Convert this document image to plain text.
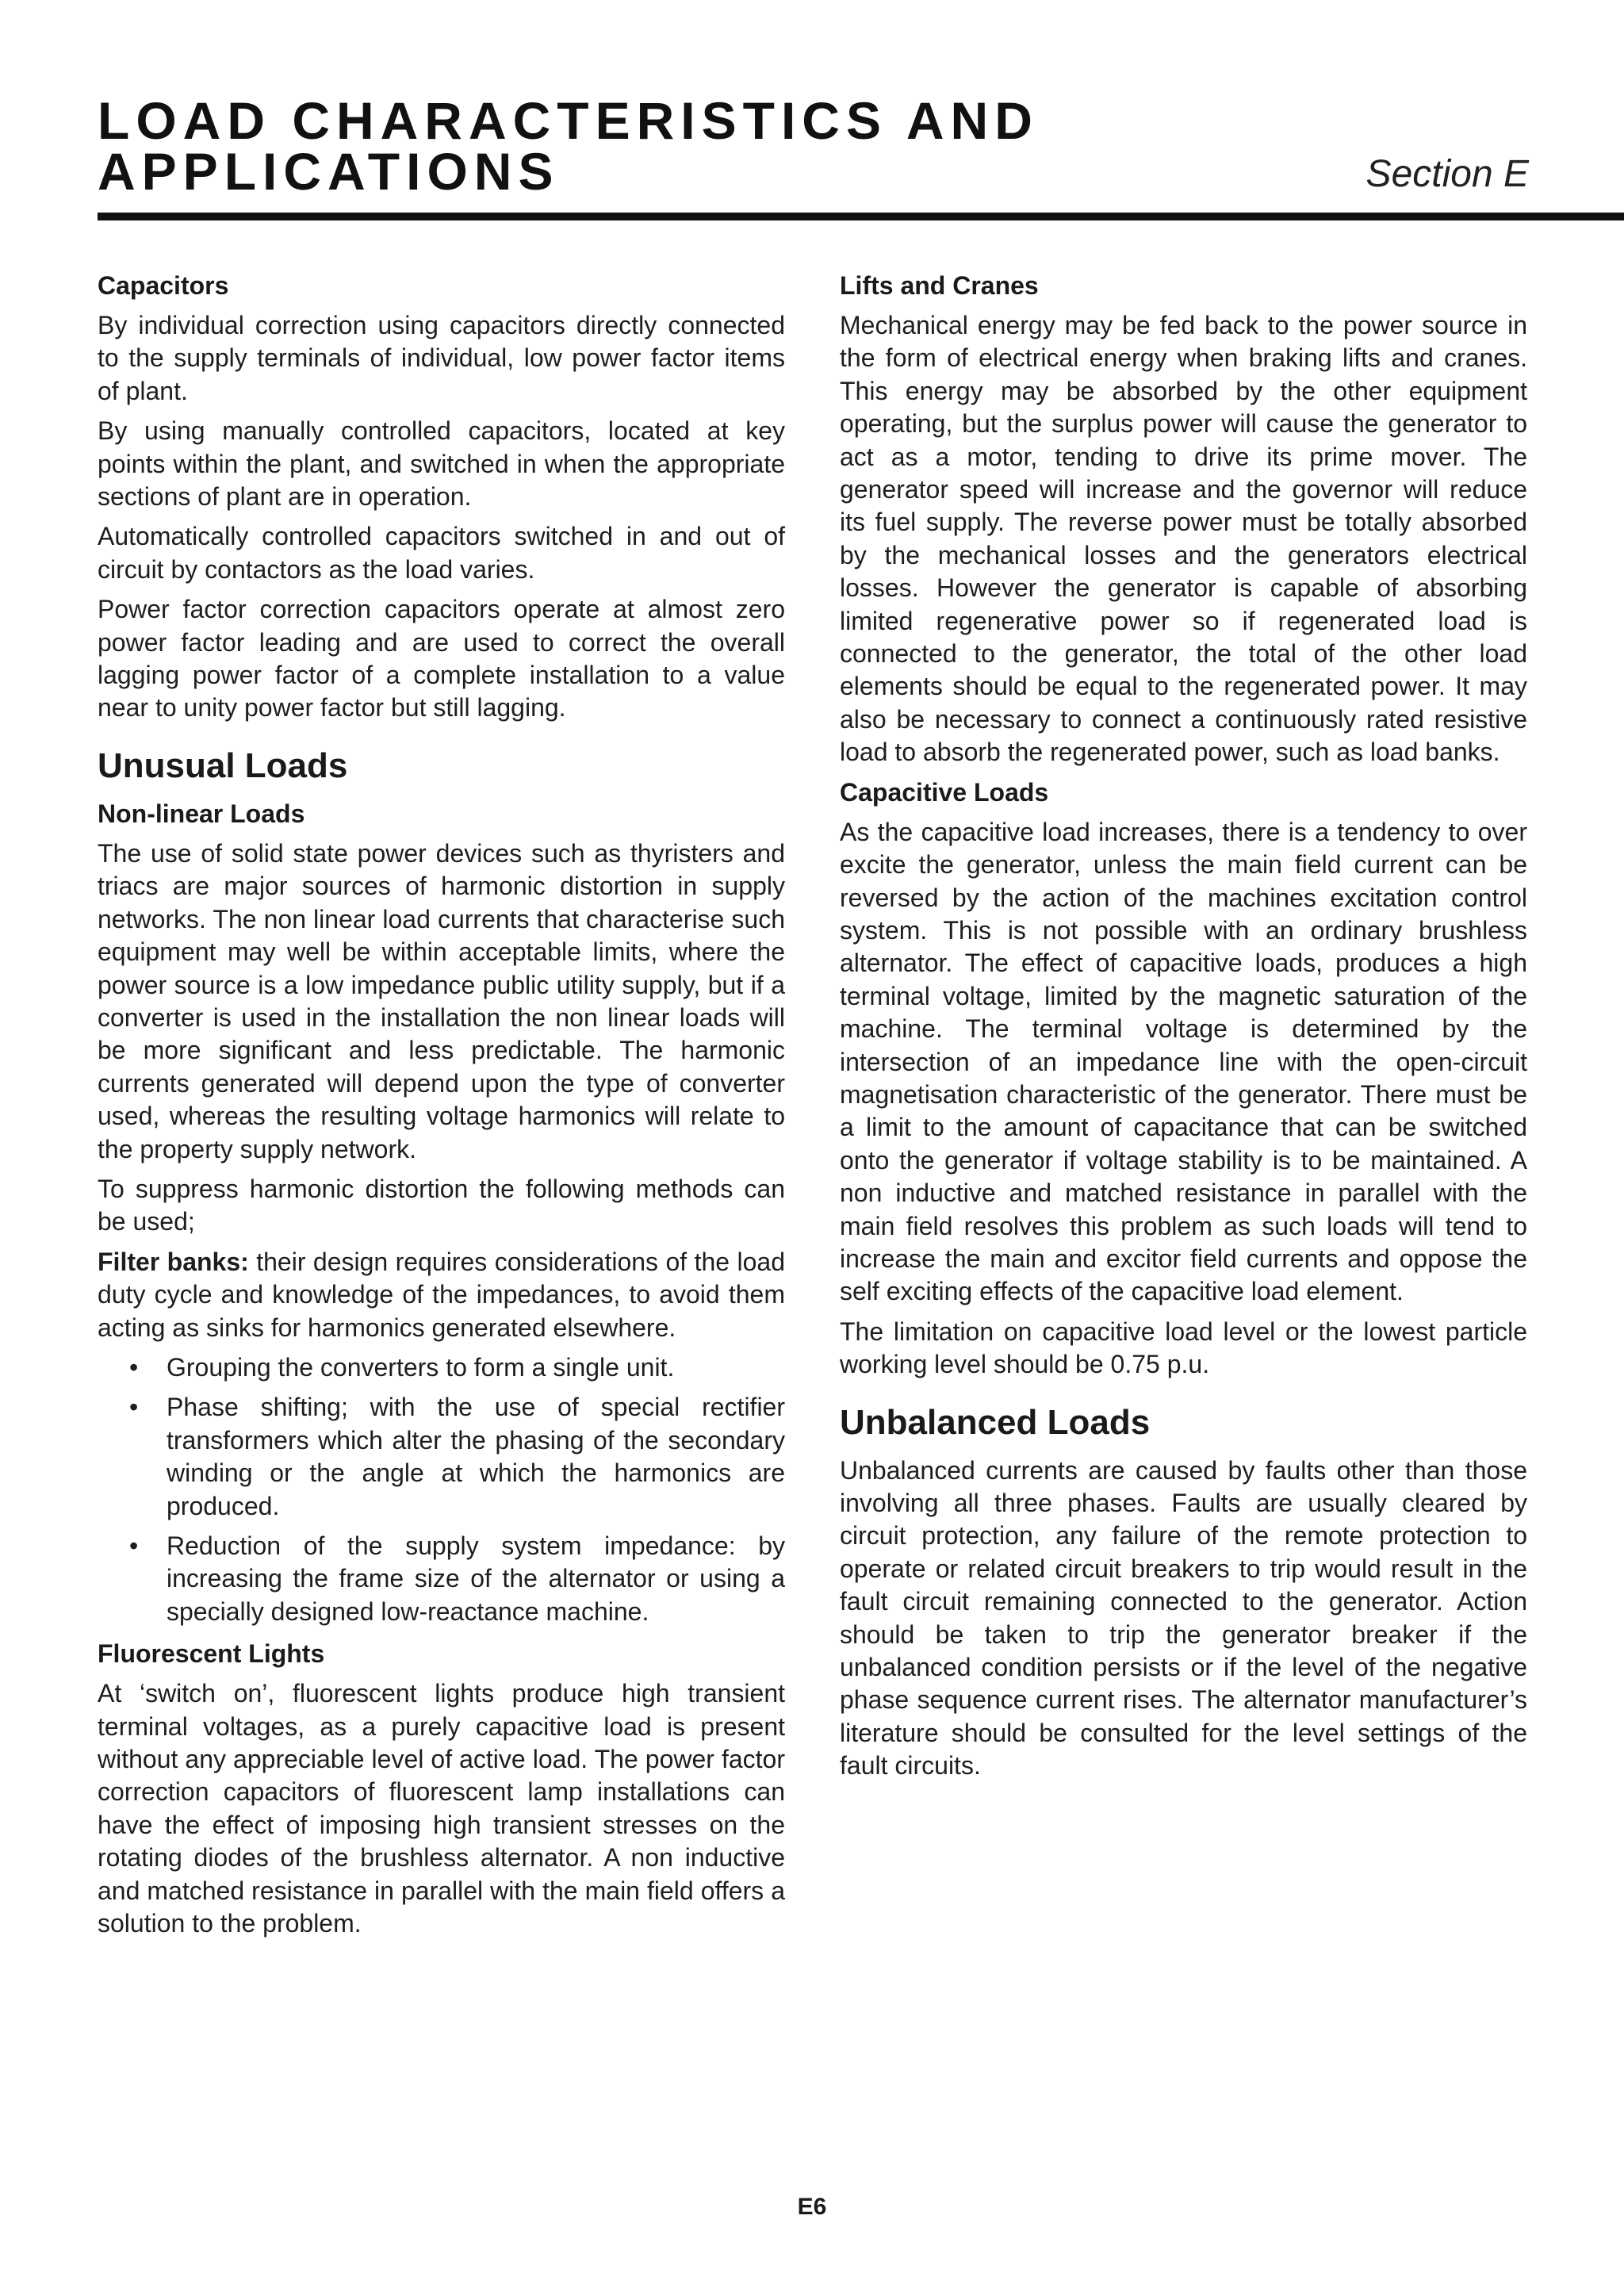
LOAD CHARACTERISTICS AND
APPLICATIONS	Section E
Capacitors

By individual correction using capacitors directly connected to the supply terminals of individual, low power factor items of plant.

By using manually controlled capacitors, located at key points within the plant, and switched in when the appropriate sections of plant are in operation.

Automatically controlled capacitors switched in and out of circuit by contactors as the load varies.

Power factor correction capacitors operate at almost zero power factor leading and are used to correct the overall lagging power factor of a complete installation to a value near to unity power factor but still lagging.

Unusual Loads
Non-linear Loads

The use of solid state power devices such as thyristers and triacs are major sources of harmonic distortion in supply networks. The non linear load currents that characterise such equipment may well be within acceptable limits, where the power source is a low impedance public utility supply, but if a converter is used in the installation the non linear loads will be more significant and less predictable. The harmonic currents generated will depend upon the type of converter used, whereas the resulting voltage harmonics will relate to the property supply network.

To suppress harmonic distortion the following methods can be used;

Filter banks: their design requires considerations of the load duty cycle and knowledge of the impedances, to avoid them acting as sinks for harmonics generated elsewhere.

• Grouping the converters to form a single unit.
• Phase shifting; with the use of special rectifier transformers which alter the phasing of the secondary winding or the angle at which the harmonics are produced.
• Reduction of the supply system impedance: by increasing the frame size of the alternator or using a specially designed low-reactance machine.
Fluorescent Lights

At ‘switch on’, fluorescent lights produce high transient terminal voltages, as a purely capacitive load is present without any appreciable level of active load. The power factor correction capacitors of fluorescent lamp installations can have the effect of imposing high transient stresses on the rotating diodes of the brushless alternator. A non inductive and matched resistance in parallel with the main field offers a solution to the problem.

Lifts and Cranes

Mechanical energy may be fed back to the power source in the form of electrical energy when braking lifts and cranes. This energy may be absorbed by the other equipment operating, but the surplus power will cause the generator to act as a motor, tending to drive its prime mover. The generator speed will increase and the governor will reduce its fuel supply. The reverse power must be totally absorbed by the mechanical losses and the generators electrical losses. However the generator is capable of absorbing limited regenerative power so if regenerated load is connected to the generator, the total of the other load elements should be equal to the regenerated power. It may also be necessary to connect a continuously rated resistive load to absorb the regenerated power, such as load banks.

Capacitive Loads

As the capacitive load increases, there is a tendency to over excite the generator, unless the main field current can be reversed by the action of the machines excitation control system. This is not possible with an ordinary brushless alternator. The effect of capacitive loads, produces a high terminal voltage, limited by the magnetic saturation of the machine. The terminal voltage is determined by the intersection of an impedance line with the open-circuit magnetisation characteristic of the generator. There must be a limit to the amount of capacitance that can be switched onto the generator if voltage stability is to be maintained. A non inductive and matched resistance in parallel with the main field resolves this problem as such loads will tend to increase the main and excitor field currents and oppose the self exciting effects of the capacitive load element.

The limitation on capacitive load level or the lowest particle working level should be 0.75 p.u.

Unbalanced Loads

Unbalanced currents are caused by faults other than those involving all three phases. Faults are usually cleared by circuit protection, any failure of the remote protection to operate or related circuit breakers to trip would result in the fault circuit remaining connected to the generator. Action should be taken to trip the generator breaker if the unbalanced condition persists or if the level of the negative phase sequence current rises. The alternator manufacturer’s literature should be consulted for the level settings of the fault circuits.

E6
